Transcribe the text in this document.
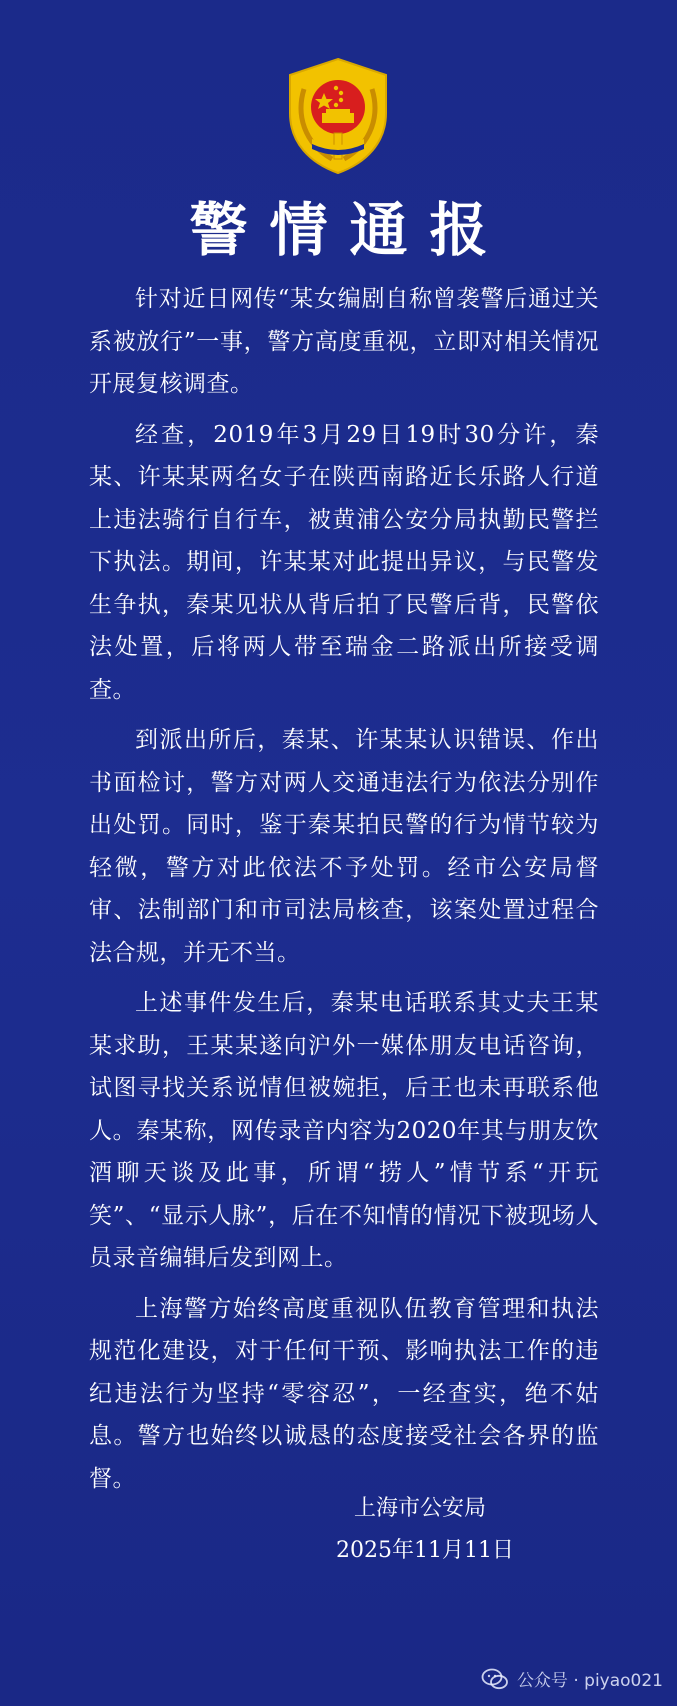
警情通报

针对近日网传“某女编剧自称曾袭警后通过关系被放行”一事，警方高度重视，立即对相关情况开展复核调查。

经查，2019年3月29日19时30分许，秦某、许某某两名女子在陕西南路近长乐路人行道上违法骑行自行车，被黄浦公安分局执勤民警拦下执法。期间，许某某对此提出异议，与民警发生争执，秦某见状从背后拍了民警后背，民警依法处置，后将两人带至瑞金二路派出所接受调查。

到派出所后，秦某、许某某认识错误、作出书面检讨，警方对两人交通违法行为依法分别作出处罚。同时，鉴于秦某拍民警的行为情节较为轻微，警方对此依法不予处罚。经市公安局督审、法制部门和市司法局核查，该案处置过程合法合规，并无不当。

上述事件发生后，秦某电话联系其丈夫王某某求助，王某某遂向沪外一媒体朋友电话咨询，试图寻找关系说情但被婉拒，后王也未再联系他人。秦某称，网传录音内容为2020年其与朋友饮酒聊天谈及此事，所谓“捞人”情节系“开玩笑”、“显示人脉”，后在不知情的情况下被现场人员录音编辑后发到网上。

上海警方始终高度重视队伍教育管理和执法规范化建设，对于任何干预、影响执法工作的违纪违法行为坚持“零容忍”，一经查实，绝不姑息。警方也始终以诚恳的态度接受社会各界的监督。

上海市公安局
2025年11月11日
公众号 · piyao021
